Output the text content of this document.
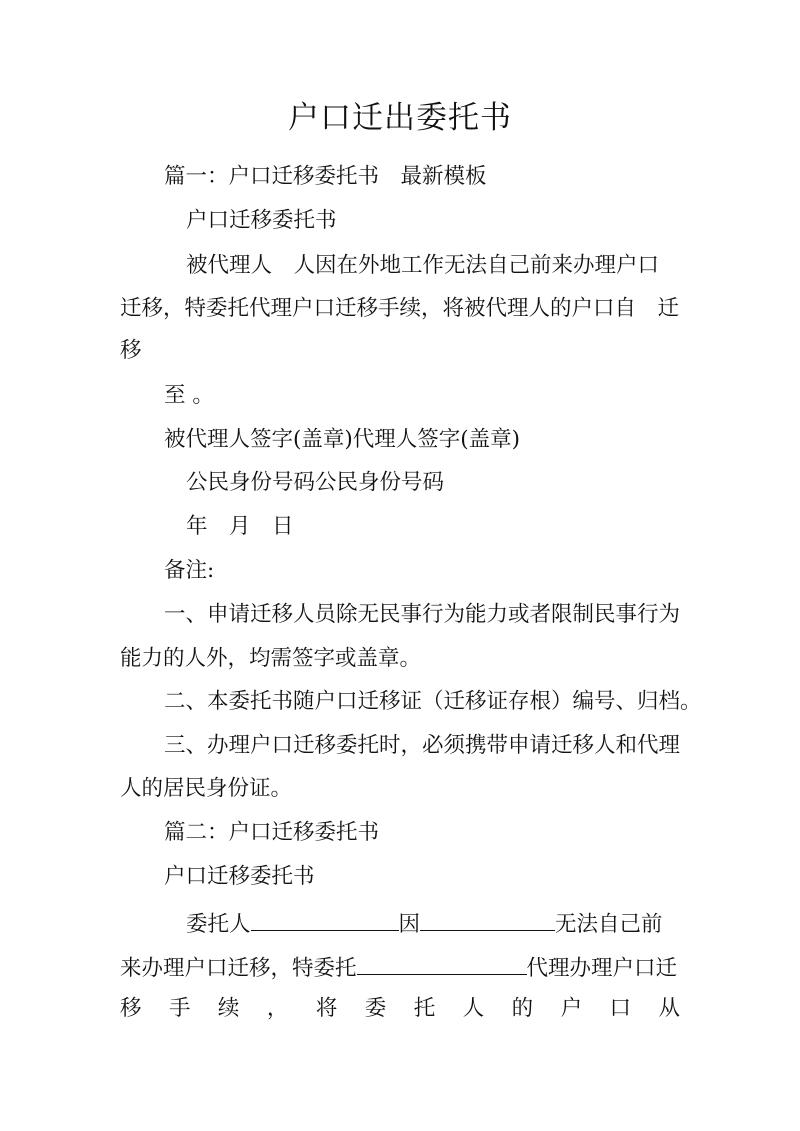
户口迁出委托书
篇一：户口迁移委托书　最新模板
户口迁移委托书
被代理人　人因在外地工作无法自己前来办理户口
迁移，特委托代理户口迁移手续，将被代理人的户口自　迁
移
至 。
被代理人签字(盖章)代理人签字(盖章)
公民身份号码公民身份号码
年　月　日
备注:
一、申请迁移人员除无民事行为能力或者限制民事行为
能力的人外，均需签字或盖章。
二、本委托书随户口迁移证（迁移证存根）编号、归档。
三、办理户口迁移委托时，必须携带申请迁移人和代理
人的居民身份证。
篇二：户口迁移委托书
户口迁移委托书
委托人	因	无法自己前
来办理户口迁移，特委托	代理办理户口迁
移 手 续 ， 将 委 托 人 的 户 口 从
